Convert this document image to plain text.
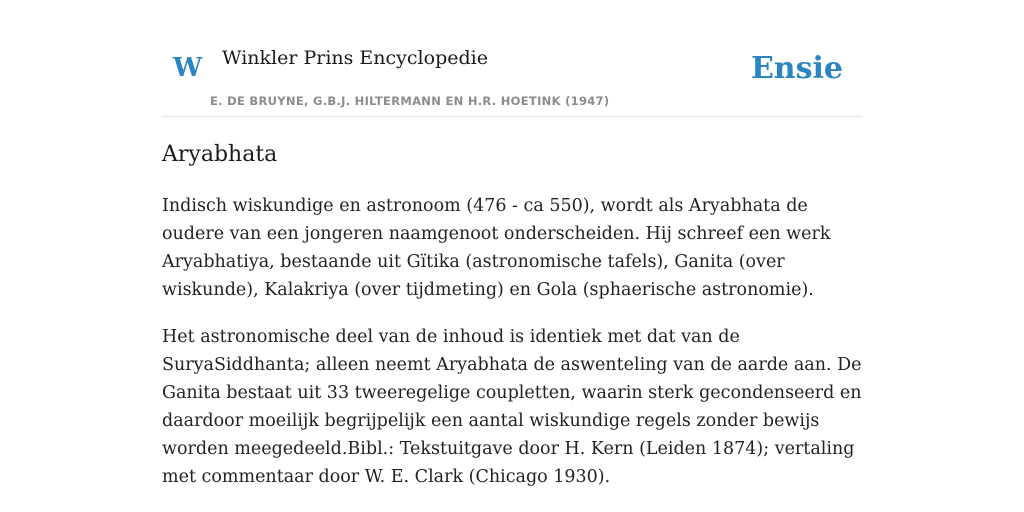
W Winkler Prins Encyclopedie
E. DE BRUYNE, G.B.J. HILTERMANN EN H.R. HOETINK (1947)
Ensie
Aryabhata

Indisch wiskundige en astronoom (476 - ca 550), wordt als Aryabhata de oudere van een jongeren naamgenoot onderscheiden. Hij schreef een werk Aryabhatiya, bestaande uit Gïtika (astronomische tafels), Ganita (over wiskunde), Kalakriya (over tijdmeting) en Gola (sphaerische astronomie).

Het astronomische deel van de inhoud is identiek met dat van de SuryaSiddhanta; alleen neemt Aryabhata de aswenteling van de aarde aan. De Ganita bestaat uit 33 tweeregelige coupletten, waarin sterk gecondenseerd en daardoor moeilijk begrijpelijk een aantal wiskundige regels zonder bewijs worden meegedeeld.Bibl.: Tekstuitgave door H. Kern (Leiden 1874); vertaling met commentaar door W. E. Clark (Chicago 1930).
